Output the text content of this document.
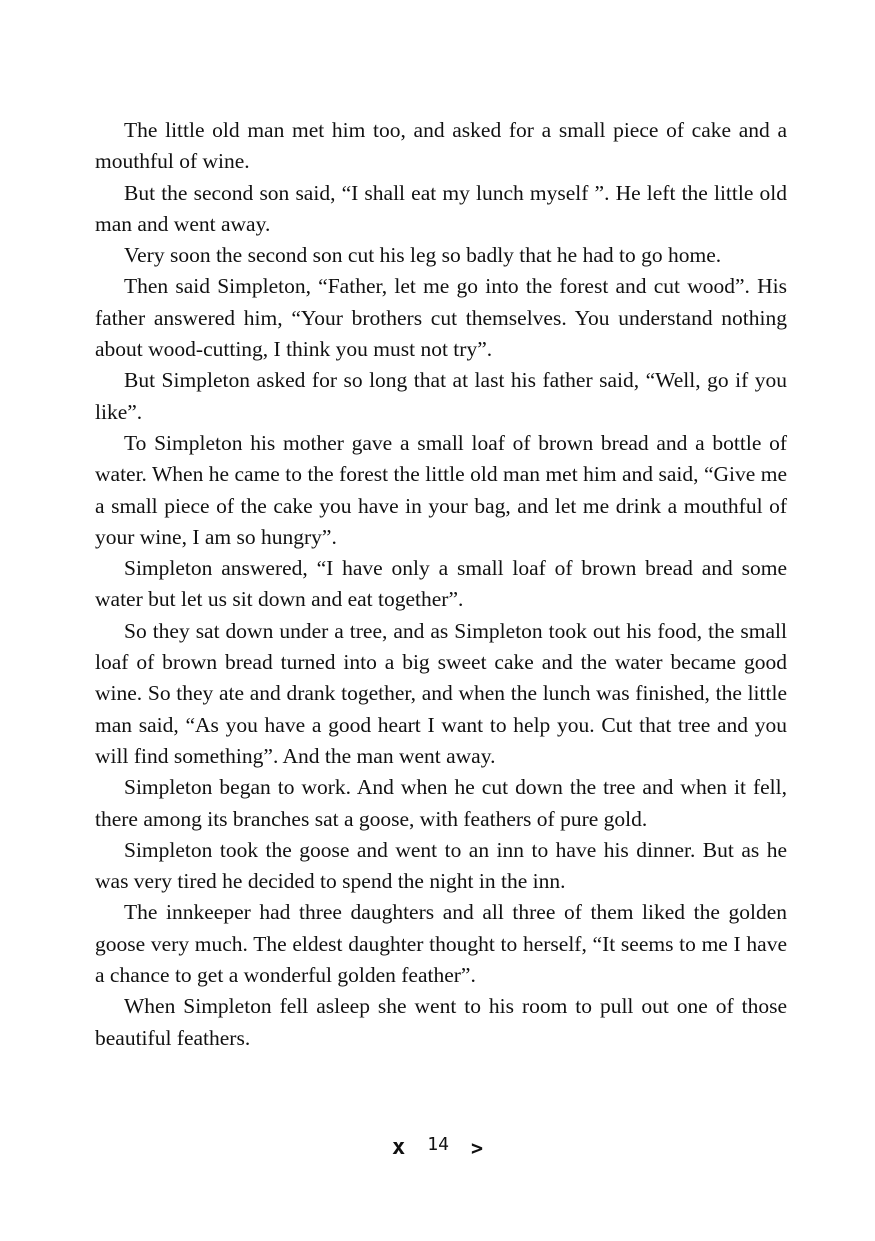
The little old man met him too, and asked for a small piece of cake and a mouthful of wine.

But the second son said, “I shall eat my lunch myself ”. He left the little old man and went away.

Very soon the second son cut his leg so badly that he had to go home.

Then said Simpleton, “Father, let me go into the forest and cut wood”. His father answered him, “Your brothers cut themselves. You understand nothing about wood-cutting, I think you must not try”.

But Simpleton asked for so long that at last his father said, “Well, go if you like”.

To Simpleton his mother gave a small loaf of brown bread and a bottle of water. When he came to the forest the little old man met him and said, “Give me a small piece of the cake you have in your bag, and let me drink a mouthful of your wine, I am so hungry”.

Simpleton answered, “I have only a small loaf of brown bread and some water but let us sit down and eat together”.

So they sat down under a tree, and as Simpleton took out his food, the small loaf of brown bread turned into a big sweet cake and the water became good wine. So they ate and drank together, and when the lunch was finished, the little man said, “As you have a good heart I want to help you. Cut that tree and you will find something”. And the man went away.

Simpleton began to work. And when he cut down the tree and when it fell, there among its branches sat a goose, with feathers of pure gold.

Simpleton took the goose and went to an inn to have his dinner. But as he was very tired he decided to spend the night in the inn.

The innkeeper had three daughters and all three of them liked the golden goose very much. The eldest daughter thought to herself, “It seems to me I have a chance to get a wonderful golden feather”.

When Simpleton fell asleep she went to his room to pull out one of those beautiful feathers.

x 14 >
